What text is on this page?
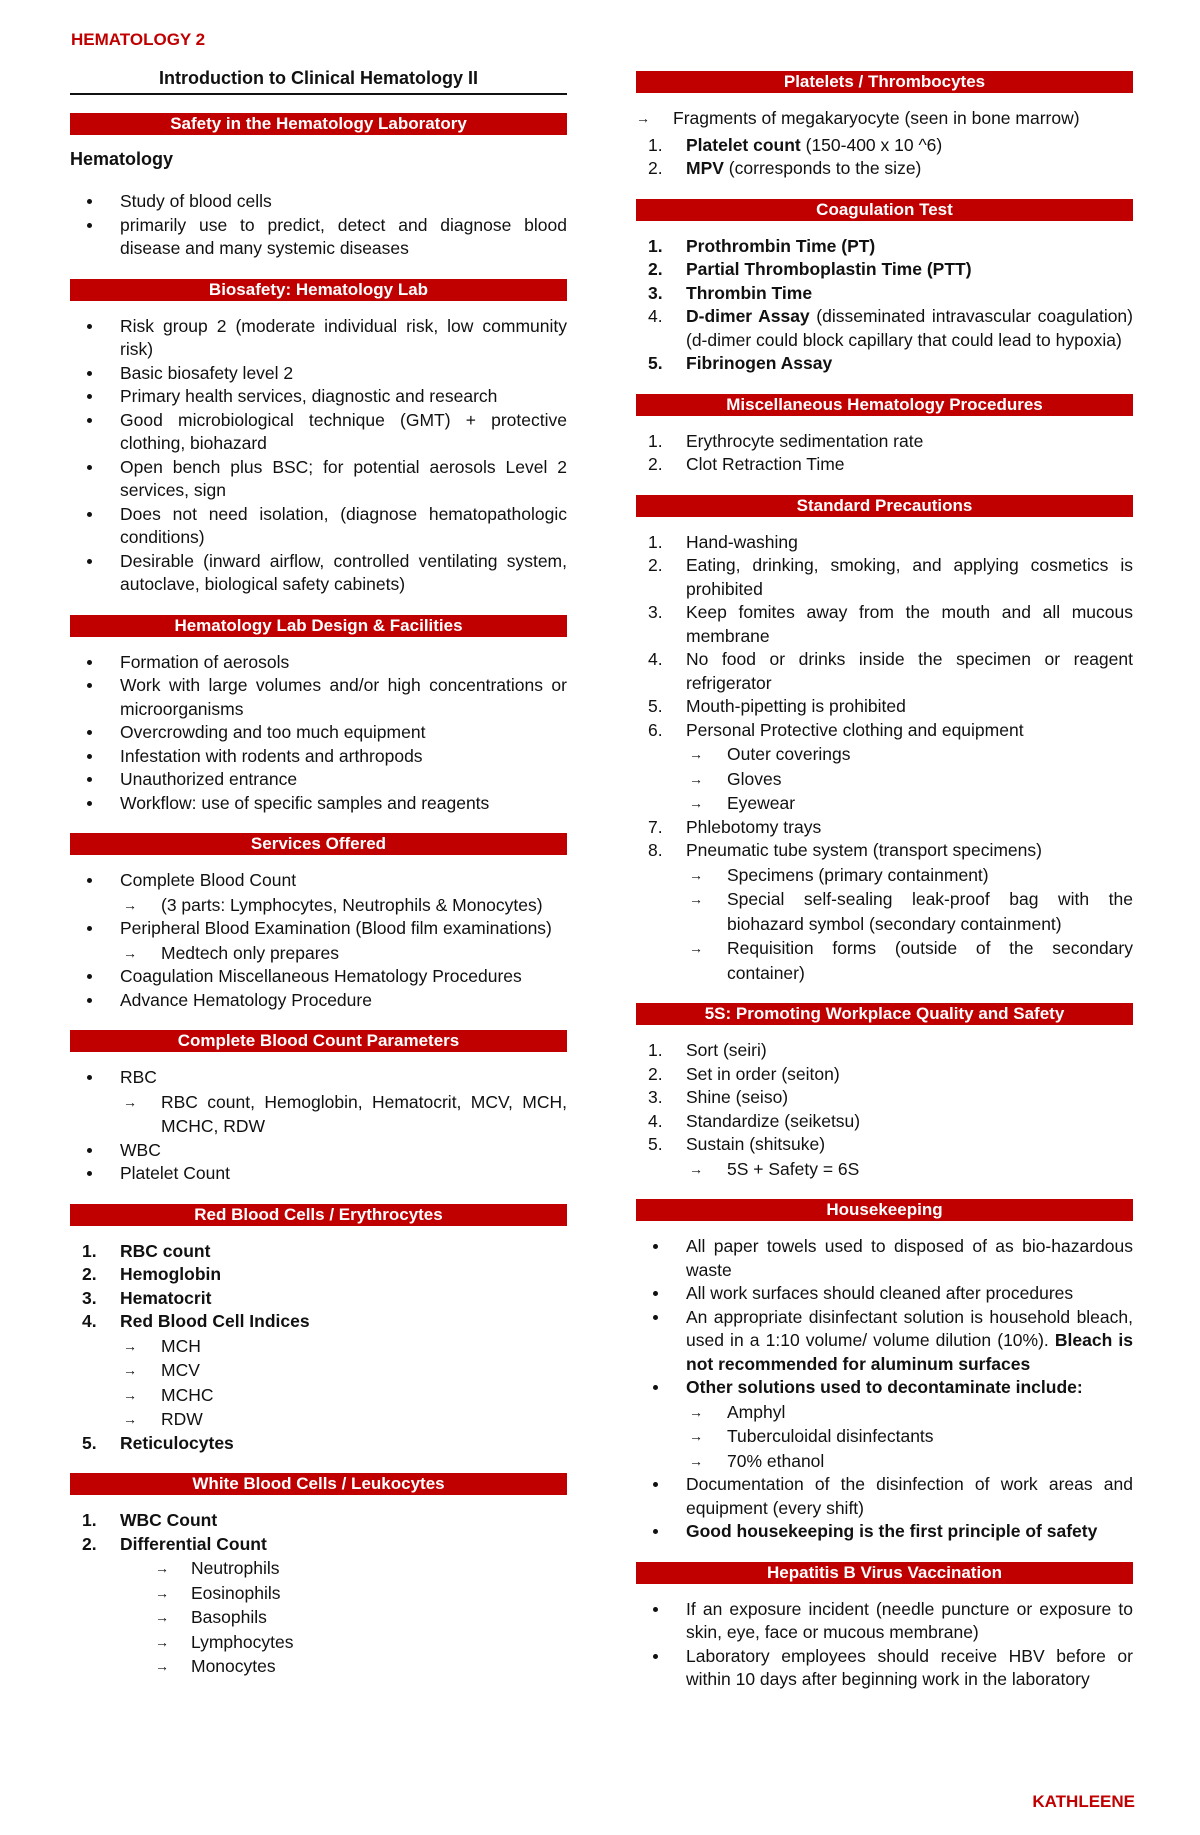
HEMATOLOGY 2
Introduction to Clinical Hematology II
Safety in the Hematology Laboratory
Hematology
Study of blood cells
primarily use to predict, detect and diagnose blood disease and many systemic diseases
Biosafety: Hematology Lab
Risk group 2 (moderate individual risk, low community risk)
Basic biosafety level 2
Primary health services, diagnostic and research
Good microbiological technique (GMT) + protective clothing, biohazard
Open bench plus BSC; for potential aerosols Level 2 services, sign
Does not need isolation, (diagnose hematopathologic conditions)
Desirable (inward airflow, controlled ventilating system, autoclave, biological safety cabinets)
Hematology Lab Design & Facilities
Formation of aerosols
Work with large volumes and/or high concentrations or microorganisms
Overcrowding and too much equipment
Infestation with rodents and arthropods
Unauthorized entrance
Workflow: use of specific samples and reagents
Services Offered
Complete Blood Count
→ (3 parts: Lymphocytes, Neutrophils & Monocytes)
Peripheral Blood Examination (Blood film examinations)
→ Medtech only prepares
Coagulation Miscellaneous Hematology Procedures
Advance Hematology Procedure
Complete Blood Count Parameters
RBC
→ RBC count, Hemoglobin, Hematocrit, MCV, MCH, MCHC, RDW
WBC
Platelet Count
Red Blood Cells / Erythrocytes
1. RBC count
2. Hemoglobin
3. Hematocrit
4. Red Blood Cell Indices
→ MCH
→ MCV
→ MCHC
→ RDW
5. Reticulocytes
White Blood Cells / Leukocytes
1. WBC Count
2. Differential Count
→ Neutrophils
→ Eosinophils
→ Basophils
→ Lymphocytes
→ Monocytes
Platelets / Thrombocytes
→ Fragments of megakaryocyte (seen in bone marrow)
1. Platelet count (150-400 x 10 ^6)
2. MPV (corresponds to the size)
Coagulation Test
1. Prothrombin Time (PT)
2. Partial Thromboplastin Time (PTT)
3. Thrombin Time
4. D-dimer Assay (disseminated intravascular coagulation) (d-dimer could block capillary that could lead to hypoxia)
5. Fibrinogen Assay
Miscellaneous Hematology Procedures
1. Erythrocyte sedimentation rate
2. Clot Retraction Time
Standard Precautions
1. Hand-washing
2. Eating, drinking, smoking, and applying cosmetics is prohibited
3. Keep fomites away from the mouth and all mucous membrane
4. No food or drinks inside the specimen or reagent refrigerator
5. Mouth-pipetting is prohibited
6. Personal Protective clothing and equipment
→ Outer coverings
→ Gloves
→ Eyewear
7. Phlebotomy trays
8. Pneumatic tube system (transport specimens)
→ Specimens (primary containment)
→ Special self-sealing leak-proof bag with the biohazard symbol (secondary containment)
→ Requisition forms (outside of the secondary container)
5S: Promoting Workplace Quality and Safety
1. Sort (seiri)
2. Set in order (seiton)
3. Shine (seiso)
4. Standardize (seiketsu)
5. Sustain (shitsuke)
→ 5S + Safety = 6S
Housekeeping
All paper towels used to disposed of as bio-hazardous waste
All work surfaces should cleaned after procedures
An appropriate disinfectant solution is household bleach, used in a 1:10 volume/ volume dilution (10%). Bleach is not recommended for aluminum surfaces
Other solutions used to decontaminate include:
→ Amphyl
→ Tuberculoidal disinfectants
→ 70% ethanol
Documentation of the disinfection of work areas and equipment (every shift)
Good housekeeping is the first principle of safety
Hepatitis B Virus Vaccination
If an exposure incident (needle puncture or exposure to skin, eye, face or mucous membrane)
Laboratory employees should receive HBV before or within 10 days after beginning work in the laboratory
KATHLEENE
